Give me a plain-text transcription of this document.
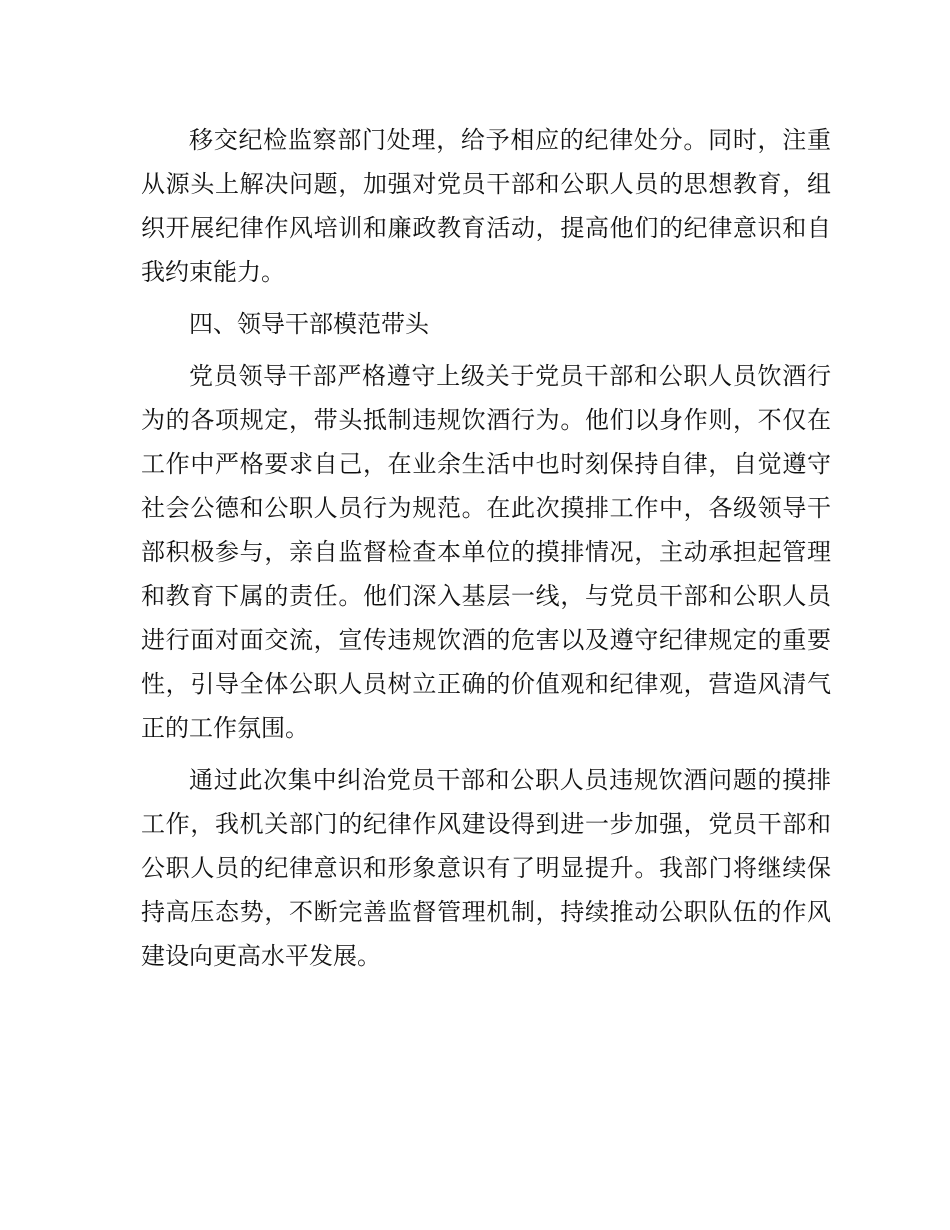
移交纪检监察部门处理，给予相应的纪律处分。同时，注重从源头上解决问题，加强对党员干部和公职人员的思想教育，组织开展纪律作风培训和廉政教育活动，提高他们的纪律意识和自我约束能力。

四、领导干部模范带头

党员领导干部严格遵守上级关于党员干部和公职人员饮酒行为的各项规定，带头抵制违规饮酒行为。他们以身作则，不仅在工作中严格要求自己，在业余生活中也时刻保持自律，自觉遵守社会公德和公职人员行为规范。在此次摸排工作中，各级领导干部积极参与，亲自监督检查本单位的摸排情况，主动承担起管理和教育下属的责任。他们深入基层一线，与党员干部和公职人员进行面对面交流，宣传违规饮酒的危害以及遵守纪律规定的重要性，引导全体公职人员树立正确的价值观和纪律观，营造风清气正的工作氛围。

通过此次集中纠治党员干部和公职人员违规饮酒问题的摸排工作，我机关部门的纪律作风建设得到进一步加强，党员干部和公职人员的纪律意识和形象意识有了明显提升。我部门将继续保持高压态势，不断完善监督管理机制，持续推动公职队伍的作风建设向更高水平发展。
